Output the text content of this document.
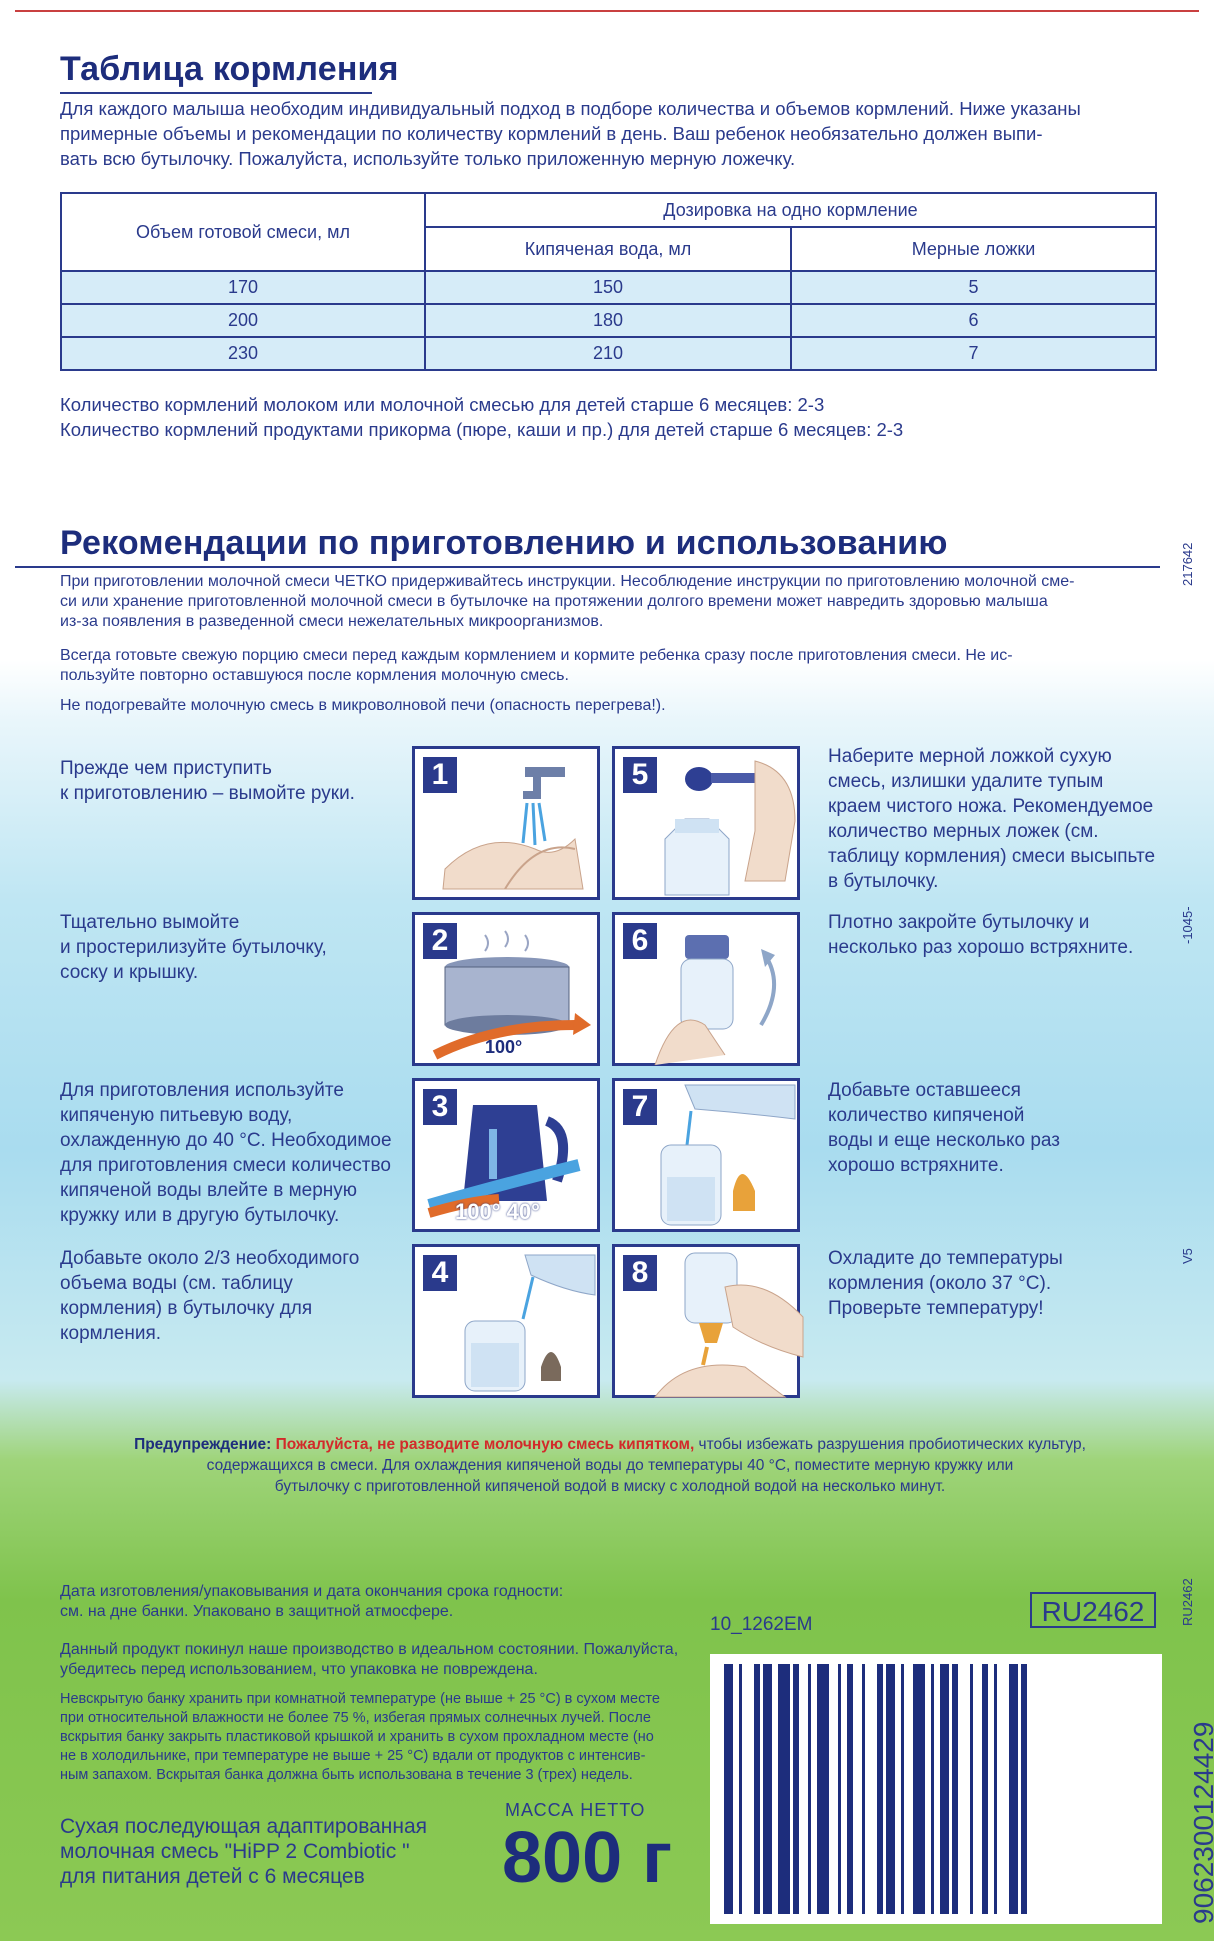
Таблица кормления
Для каждого малыша необходим индивидуальный подход в подборе количества и объемов кормлений. Ниже указаны
примерные объемы и рекомендации по количеству кормлений в день. Ваш ребенок необязательно должен выпи-
вать всю бутылочку. Пожалуйста, используйте только приложенную мерную ложечку.
Объем готовой смеси, мл	Дозировка на одно кормление	
	Кипяченая вода, мл	Мерные ложки
170	150	5
200	180	6
230	210	7
Количество кормлений молоком или молочной смесью для детей старше 6 месяцев: 2-3
Количество кормлений продуктами прикорма (пюре, каши и пр.) для детей старше 6 месяцев: 2-3
Рекомендации по приготовлению и использованию
При приготовлении молочной смеси ЧЕТКО придерживайтесь инструкции. Несоблюдение инструкции по приготовлению молочной сме-
си или хранение приготовленной молочной смеси в бутылочке на протяжении долгого времени может навредить здоровью малыша
из-за появления в разведенной смеси нежелательных микроорганизмов.
Всегда готовьте свежую порцию смеси перед каждым кормлением и кормите ребенка сразу после приготовления смеси. Не ис-
пользуйте повторно оставшуюся после кормления молочную смесь.
Не подогревайте молочную смесь в микроволновой печи (опасность перегрева!).
Прежде чем приступить
к приготовлению – вымойте руки.
Тщательно вымойте
и простерилизуйте бутылочку,
соску и крышку.
Для приготовления используйте
кипяченую питьевую воду,
охлажденную до 40 °С. Необходимое
для приготовления смеси количество
кипяченой воды влейте в мерную
кружку или в другую бутылочку.
Добавьте около 2/3 необходимого
объема воды (см. таблицу
кормления) в бутылочку для
кормления.
Наберите мерной ложкой сухую
смесь, излишки удалите тупым
краем чистого ножа. Рекомендуемое
количество мерных ложек (см.
таблицу кормления) смеси высыпьте
в бутылочку.
Плотно закройте бутылочку и
несколько раз хорошо встряхните.
Добавьте оставшееся
количество кипяченой
воды и еще несколько раз
хорошо встряхните.
Охладите до температуры
кормления (около 37 °С).
Проверьте температуру!
1
2
100°
3
100° 40°
4
5
6
7
8
Предупреждение: Пожалуйста, не разводите молочную смесь кипятком, чтобы избежать разрушения пробиотических культур,
содержащихся в смеси. Для охлаждения кипяченой воды до температуры 40 °С, поместите мерную кружку или
бутылочку с приготовленной кипяченой водой в миску с холодной водой на несколько минут.
Дата изготовления/упаковывания и дата окончания срока годности:
см. на дне банки. Упаковано в защитной атмосфере.
Данный продукт покинул наше производство в идеальном состоянии. Пожалуйста,
убедитесь перед использованием, что упаковка не повреждена.
Невскрытую банку хранить при комнатной температуре (не выше + 25 °С) в сухом месте
при относительной влажности не более 75 %, избегая прямых солнечных лучей. После
вскрытия банку закрыть пластиковой крышкой и хранить в сухом прохладном месте (но
не в холодильнике, при температуре не выше + 25 °С) вдали от продуктов с интенсив-
ным запахом. Вскрытая банка должна быть использована в течение 3 (трех) недель.
Сухая последующая адаптированная
молочная смесь "HiPP 2 Combiotic "
для питания детей с 6 месяцев
МАССА НЕТТО
800 г
10_1262EM	RU2462
9062300124429
217642
-1045-
V5
RU2462
